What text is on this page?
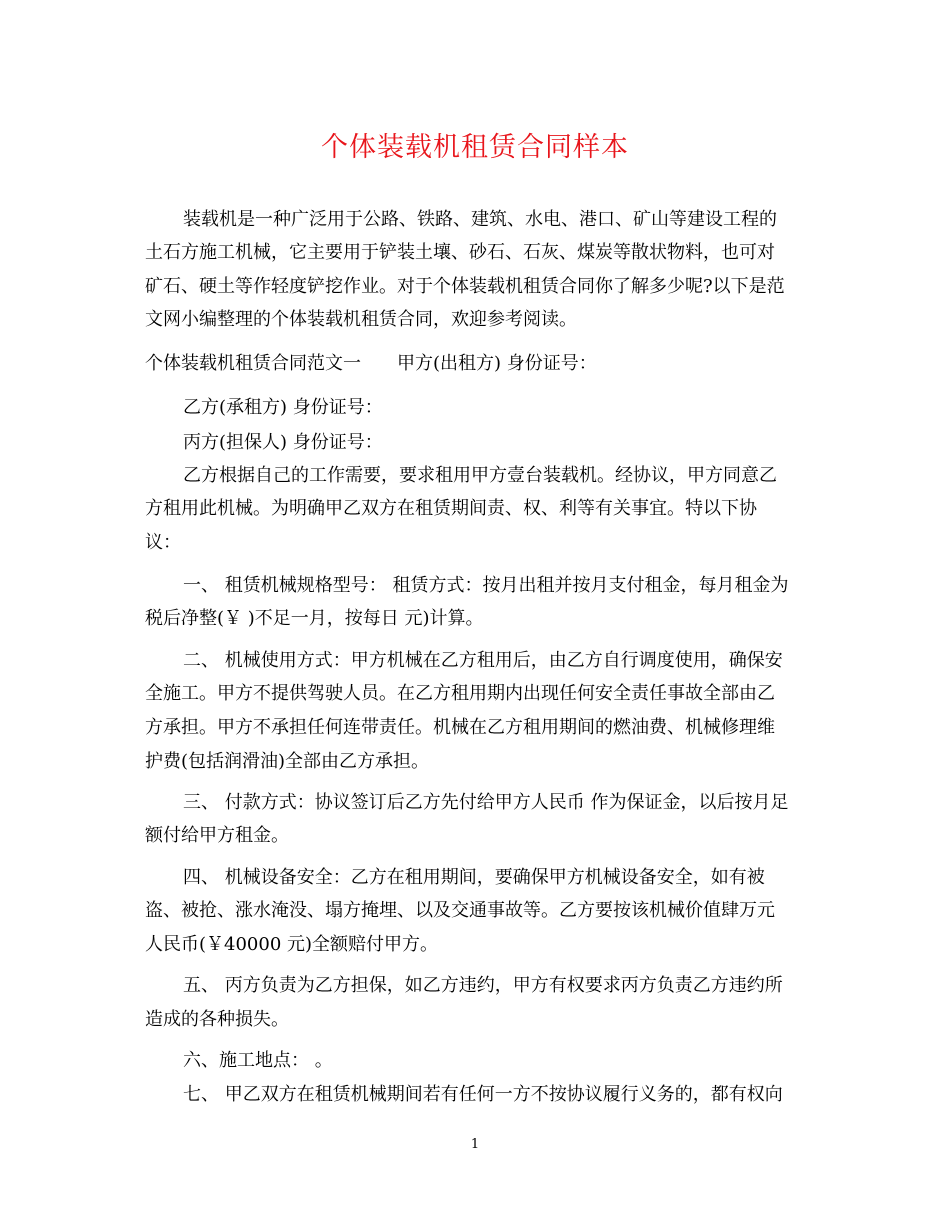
个体装载机租赁合同样本
装载机是一种广泛用于公路、铁路、建筑、水电、港口、矿山等建设工程的
土石方施工机械，它主要用于铲装土壤、砂石、石灰、煤炭等散状物料，也可对
矿石、硬土等作轻度铲挖作业。对于个体装载机租赁合同你了解多少呢?以下是范
文网小编整理的个体装载机租赁合同，欢迎参考阅读。
个体装载机租赁合同范文一　　甲方(出租方) 身份证号：
乙方(承租方) 身份证号：
丙方(担保人) 身份证号：
乙方根据自己的工作需要，要求租用甲方壹台装载机。经协议，甲方同意乙
方租用此机械。为明确甲乙双方在租赁期间责、权、利等有关事宜。特以下协
议：
一、 租赁机械规格型号： 租赁方式：按月出租并按月支付租金，每月租金为
税后净整(￥ )不足一月，按每日 元)计算。
二、 机械使用方式：甲方机械在乙方租用后，由乙方自行调度使用，确保安
全施工。甲方不提供驾驶人员。在乙方租用期内出现任何安全责任事故全部由乙
方承担。甲方不承担任何连带责任。机械在乙方租用期间的燃油费、机械修理维
护费(包括润滑油)全部由乙方承担。
三、 付款方式：协议签订后乙方先付给甲方人民币 作为保证金，以后按月足
额付给甲方租金。
四、 机械设备安全：乙方在租用期间，要确保甲方机械设备安全，如有被
盗、被抢、涨水淹没、塌方掩埋、以及交通事故等。乙方要按该机械价值肆万元
人民币(￥40000 元)全额赔付甲方。
五、 丙方负责为乙方担保，如乙方违约，甲方有权要求丙方负责乙方违约所
造成的各种损失。
六、施工地点： 。
七、 甲乙双方在租赁机械期间若有任何一方不按协议履行义务的，都有权向
1
